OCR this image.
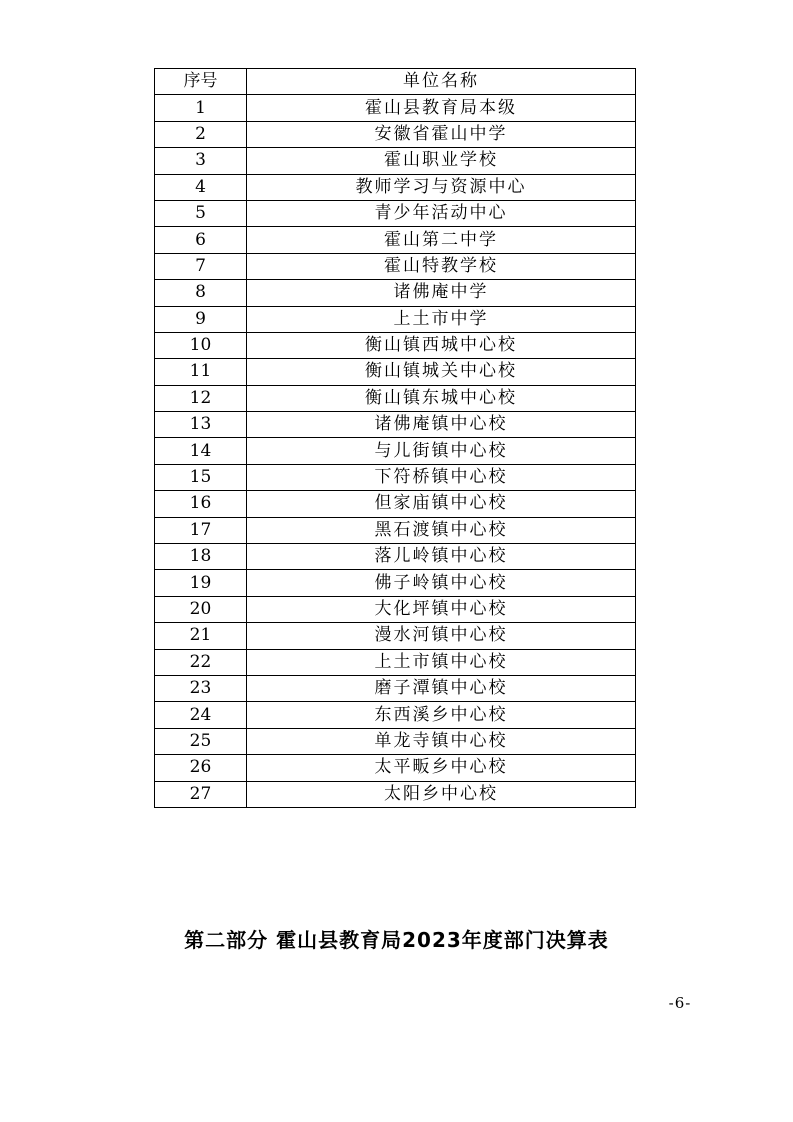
序号	单位名称
1	霍山县教育局本级
2	安徽省霍山中学
3	霍山职业学校
4	教师学习与资源中心
5	青少年活动中心
6	霍山第二中学
7	霍山特教学校
8	诸佛庵中学
9	上土市中学
10	衡山镇西城中心校
11	衡山镇城关中心校
12	衡山镇东城中心校
13	诸佛庵镇中心校
14	与儿街镇中心校
15	下符桥镇中心校
16	但家庙镇中心校
17	黑石渡镇中心校
18	落儿岭镇中心校
19	佛子岭镇中心校
20	大化坪镇中心校
21	漫水河镇中心校
22	上土市镇中心校
23	磨子潭镇中心校
24	东西溪乡中心校
25	单龙寺镇中心校
26	太平畈乡中心校
27	太阳乡中心校
第二部分 霍山县教育局2023年度部门决算表
-6-
